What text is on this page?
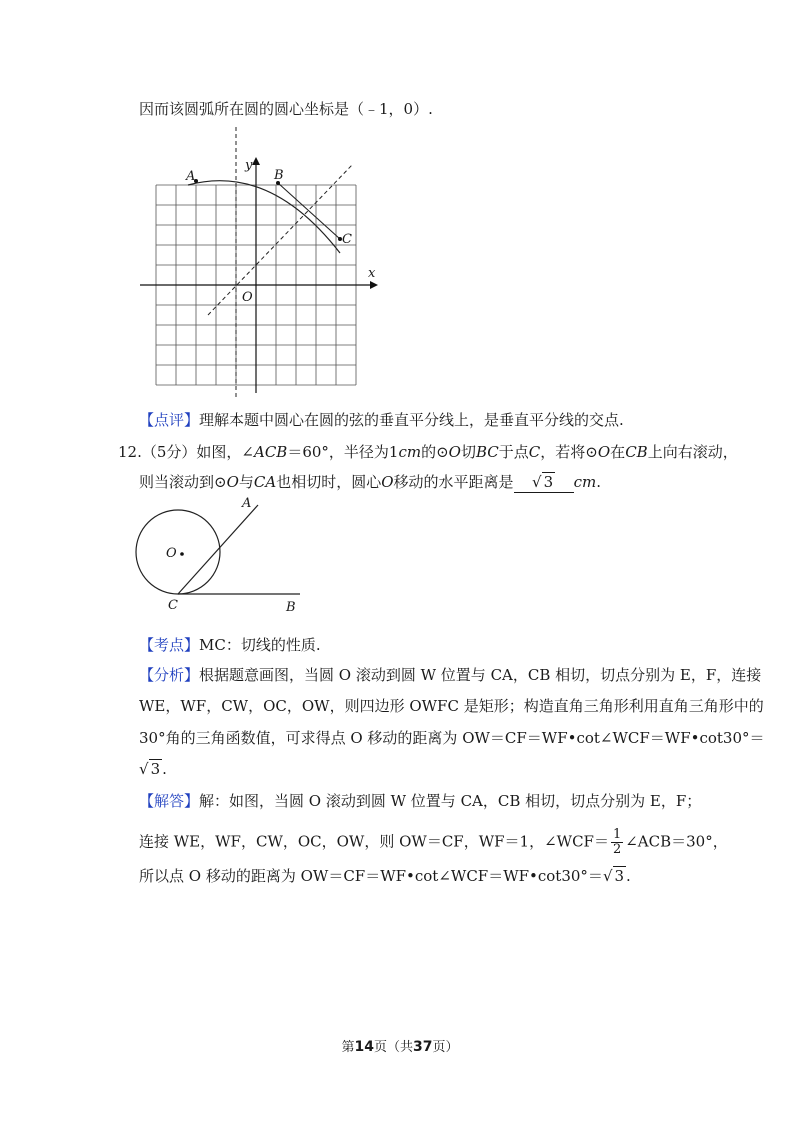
因而该圆弧所在圆的圆心坐标是（﹣1，0）.
y
x
O
A	B
C
【点评】理解本题中圆心在圆的弦的垂直平分线上，是垂直平分线的交点.
12.（5分）如图，∠ACB＝60°，半径为1cm的⊙O切BC于点C，若将⊙O在CB上向右滚动，
则当滚动到⊙O与CA也相切时，圆心O移动的水平距离是 √ 3 cm.
A
O
C	B
【考点】MC：切线的性质.
【分析】根据题意画图，当圆 O 滚动到圆 W 位置与 CA，CB 相切，切点分别为 E，F，连接
WE，WF，CW，OC，OW，则四边形 OWFC 是矩形；构造直角三角形利用直角三角形中的
30°角的三角函数值，可求得点 O 移动的距离为 OW＝CF＝WF•cot∠WCF＝WF•cot30°＝
√ 3 .
【解答】解：如图，当圆 O 滚动到圆 W 位置与 CA，CB 相切，切点分别为 E，F；
连接 WE，WF，CW，OC，OW，则 OW＝CF，WF＝1，∠WCF＝ $\frac{1}{2}$ ∠ACB＝30°，
所以点 O 移动的距离为 OW＝CF＝WF•cot∠WCF＝WF•cot30°＝√ 3 .
第14页（共37页）
